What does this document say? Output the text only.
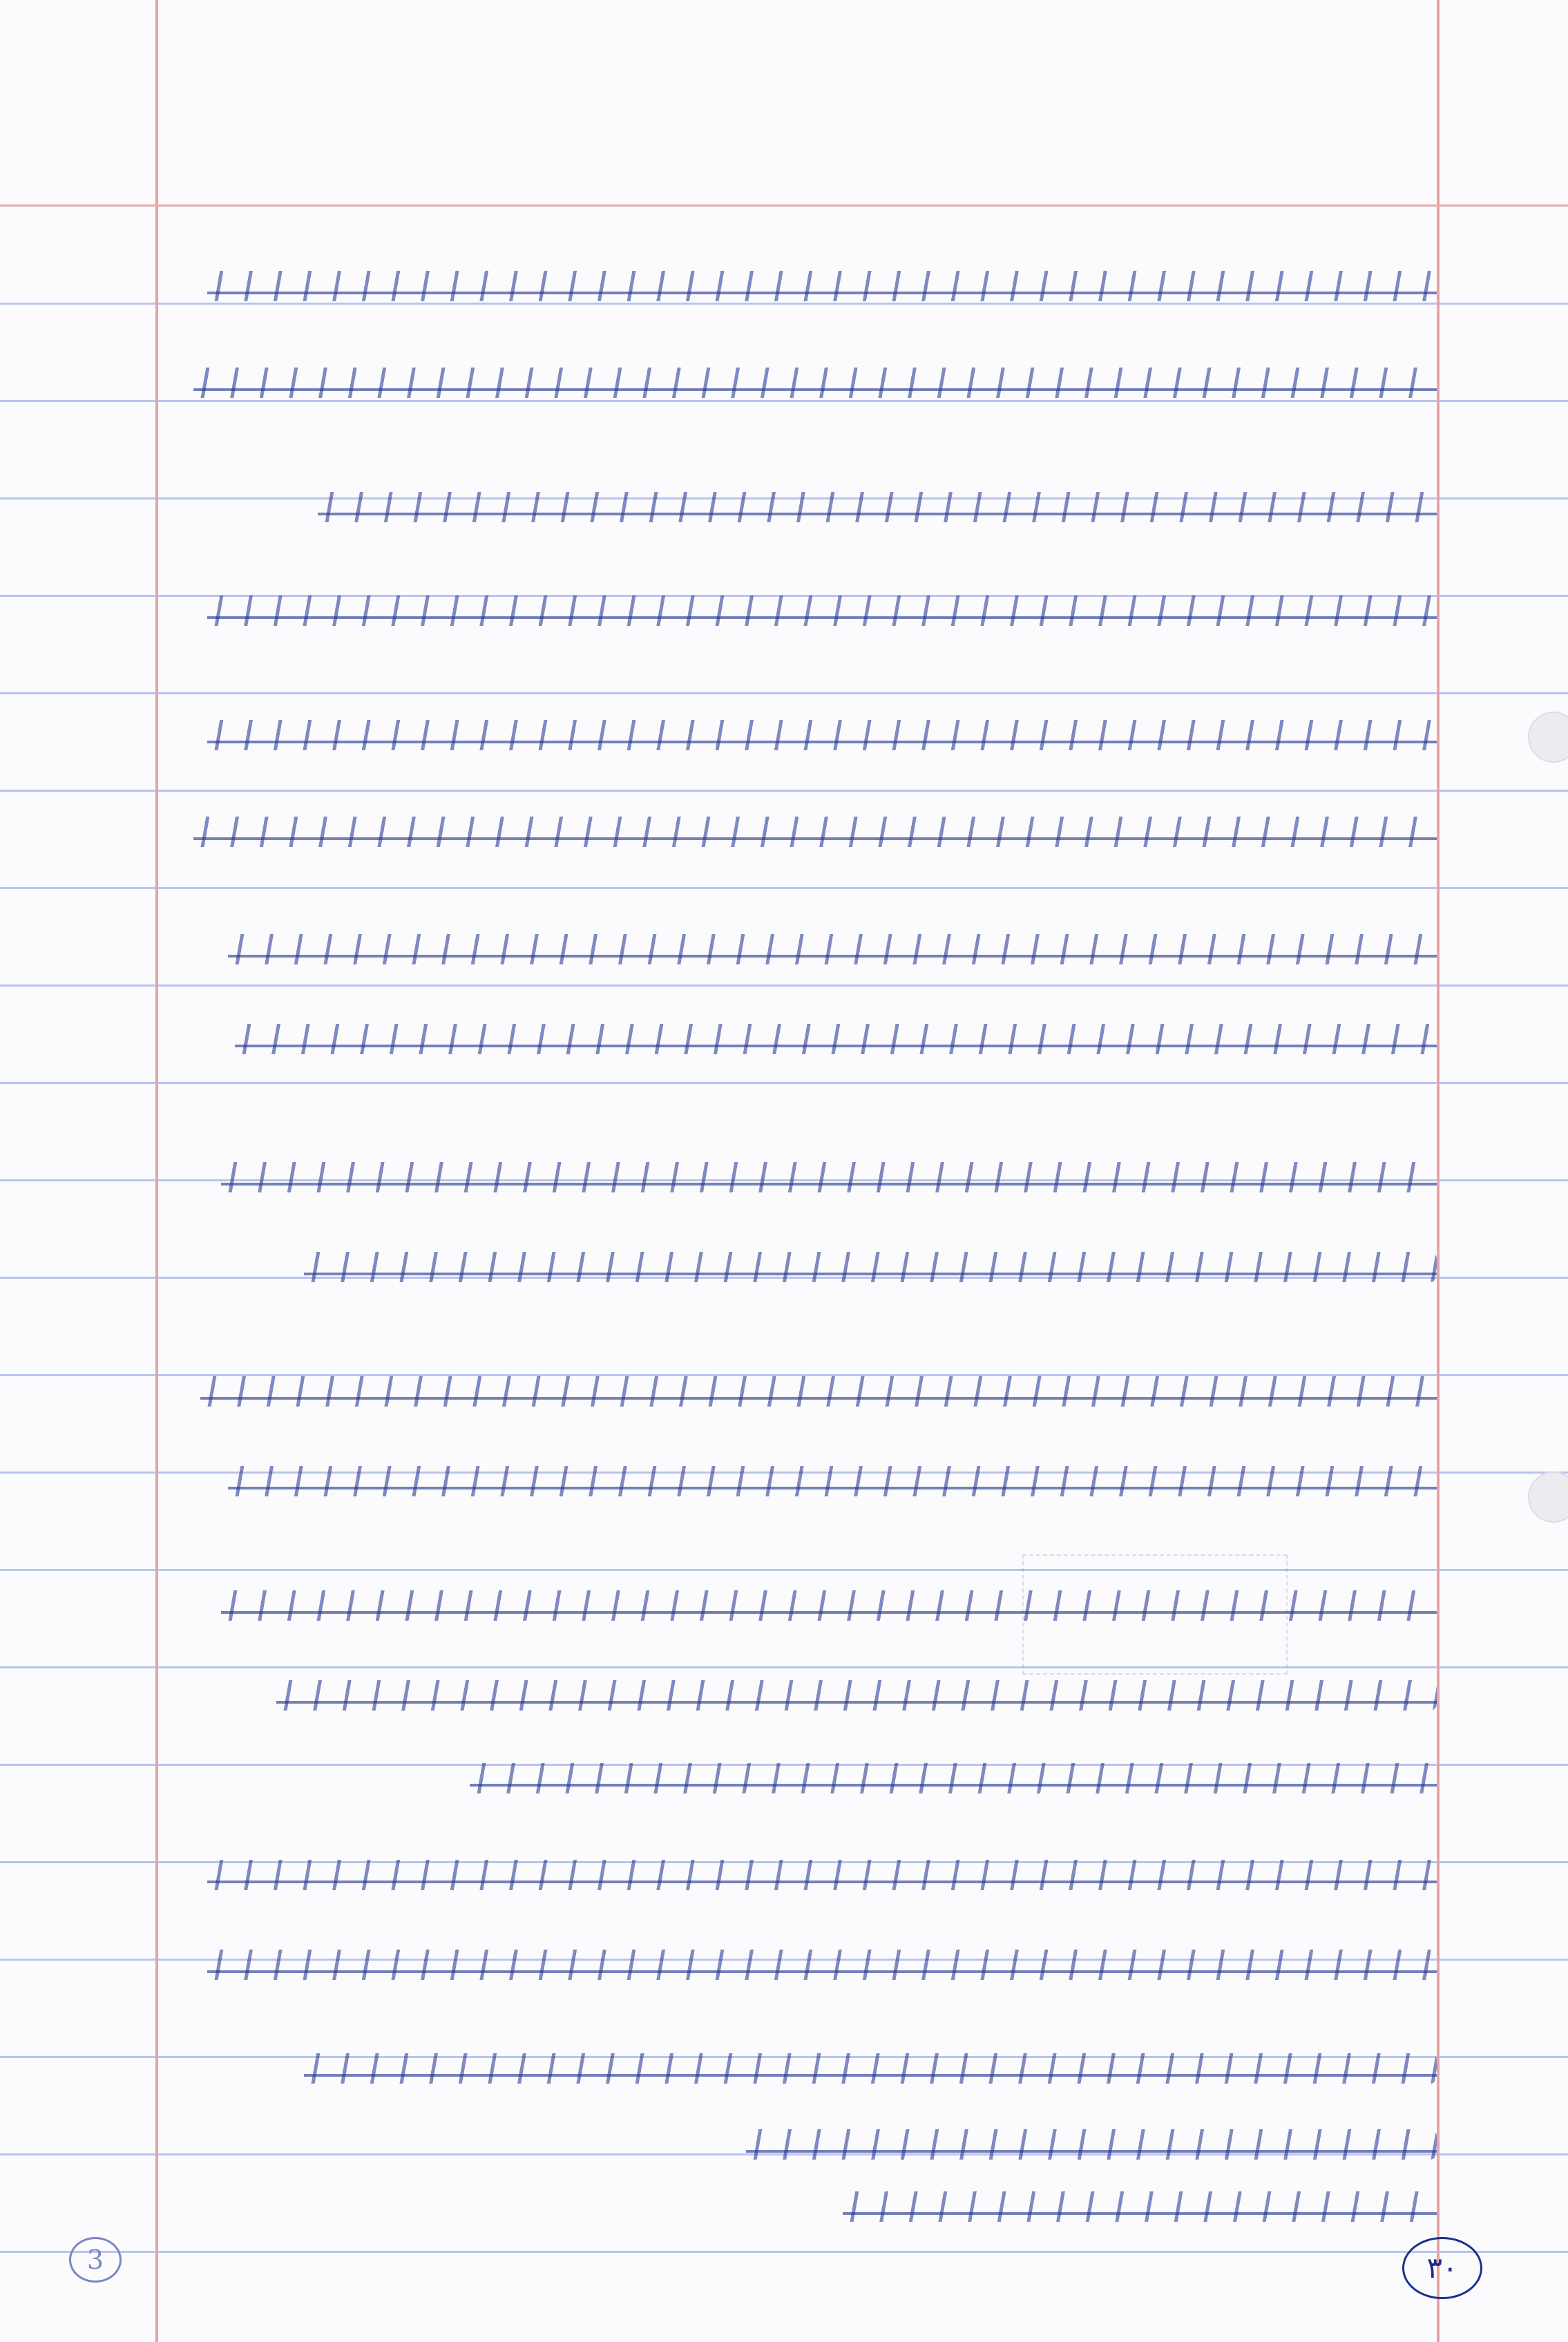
3	۳۰
